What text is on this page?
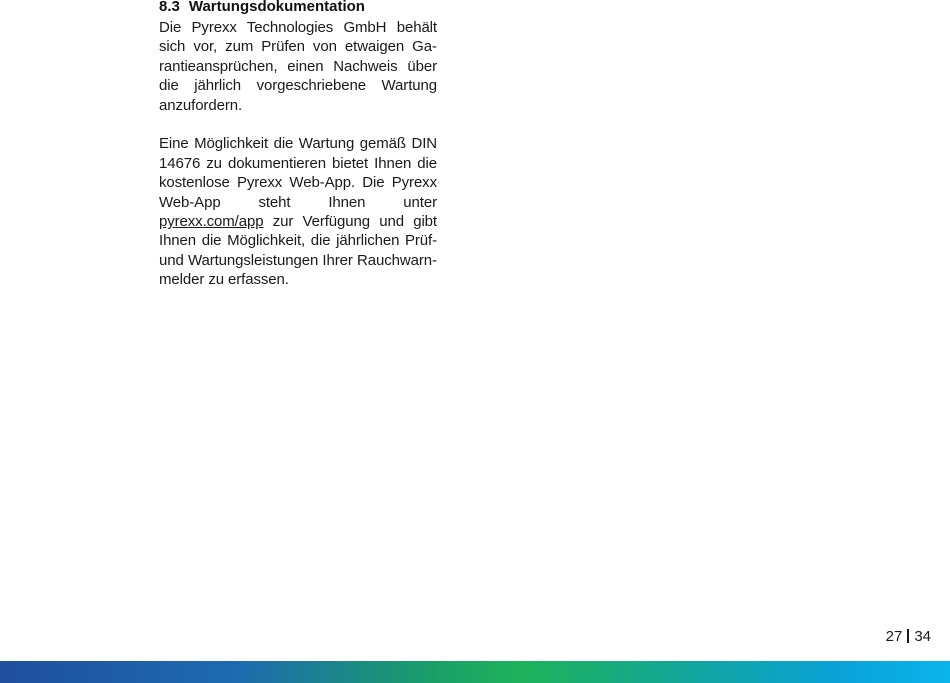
8.3 Wartungsdokumentation

Die Pyrexx Technologies GmbH behält sich vor, zum Prüfen von etwaigen Garantieansprüchen, einen Nachweis über die jährlich vorgeschriebene Wartung anzufordern.

Eine Möglichkeit die Wartung gemäß DIN 14676 zu dokumentieren bietet Ihnen die kostenlose Pyrexx Web-App. Die Pyrexx Web-App steht Ihnen unter pyrexx.com/app zur Verfügung und gibt Ihnen die Möglichkeit, die jährlichen Prüf- und Wartungsleistungen Ihrer Rauchwarnmelder zu erfassen.

27 34
